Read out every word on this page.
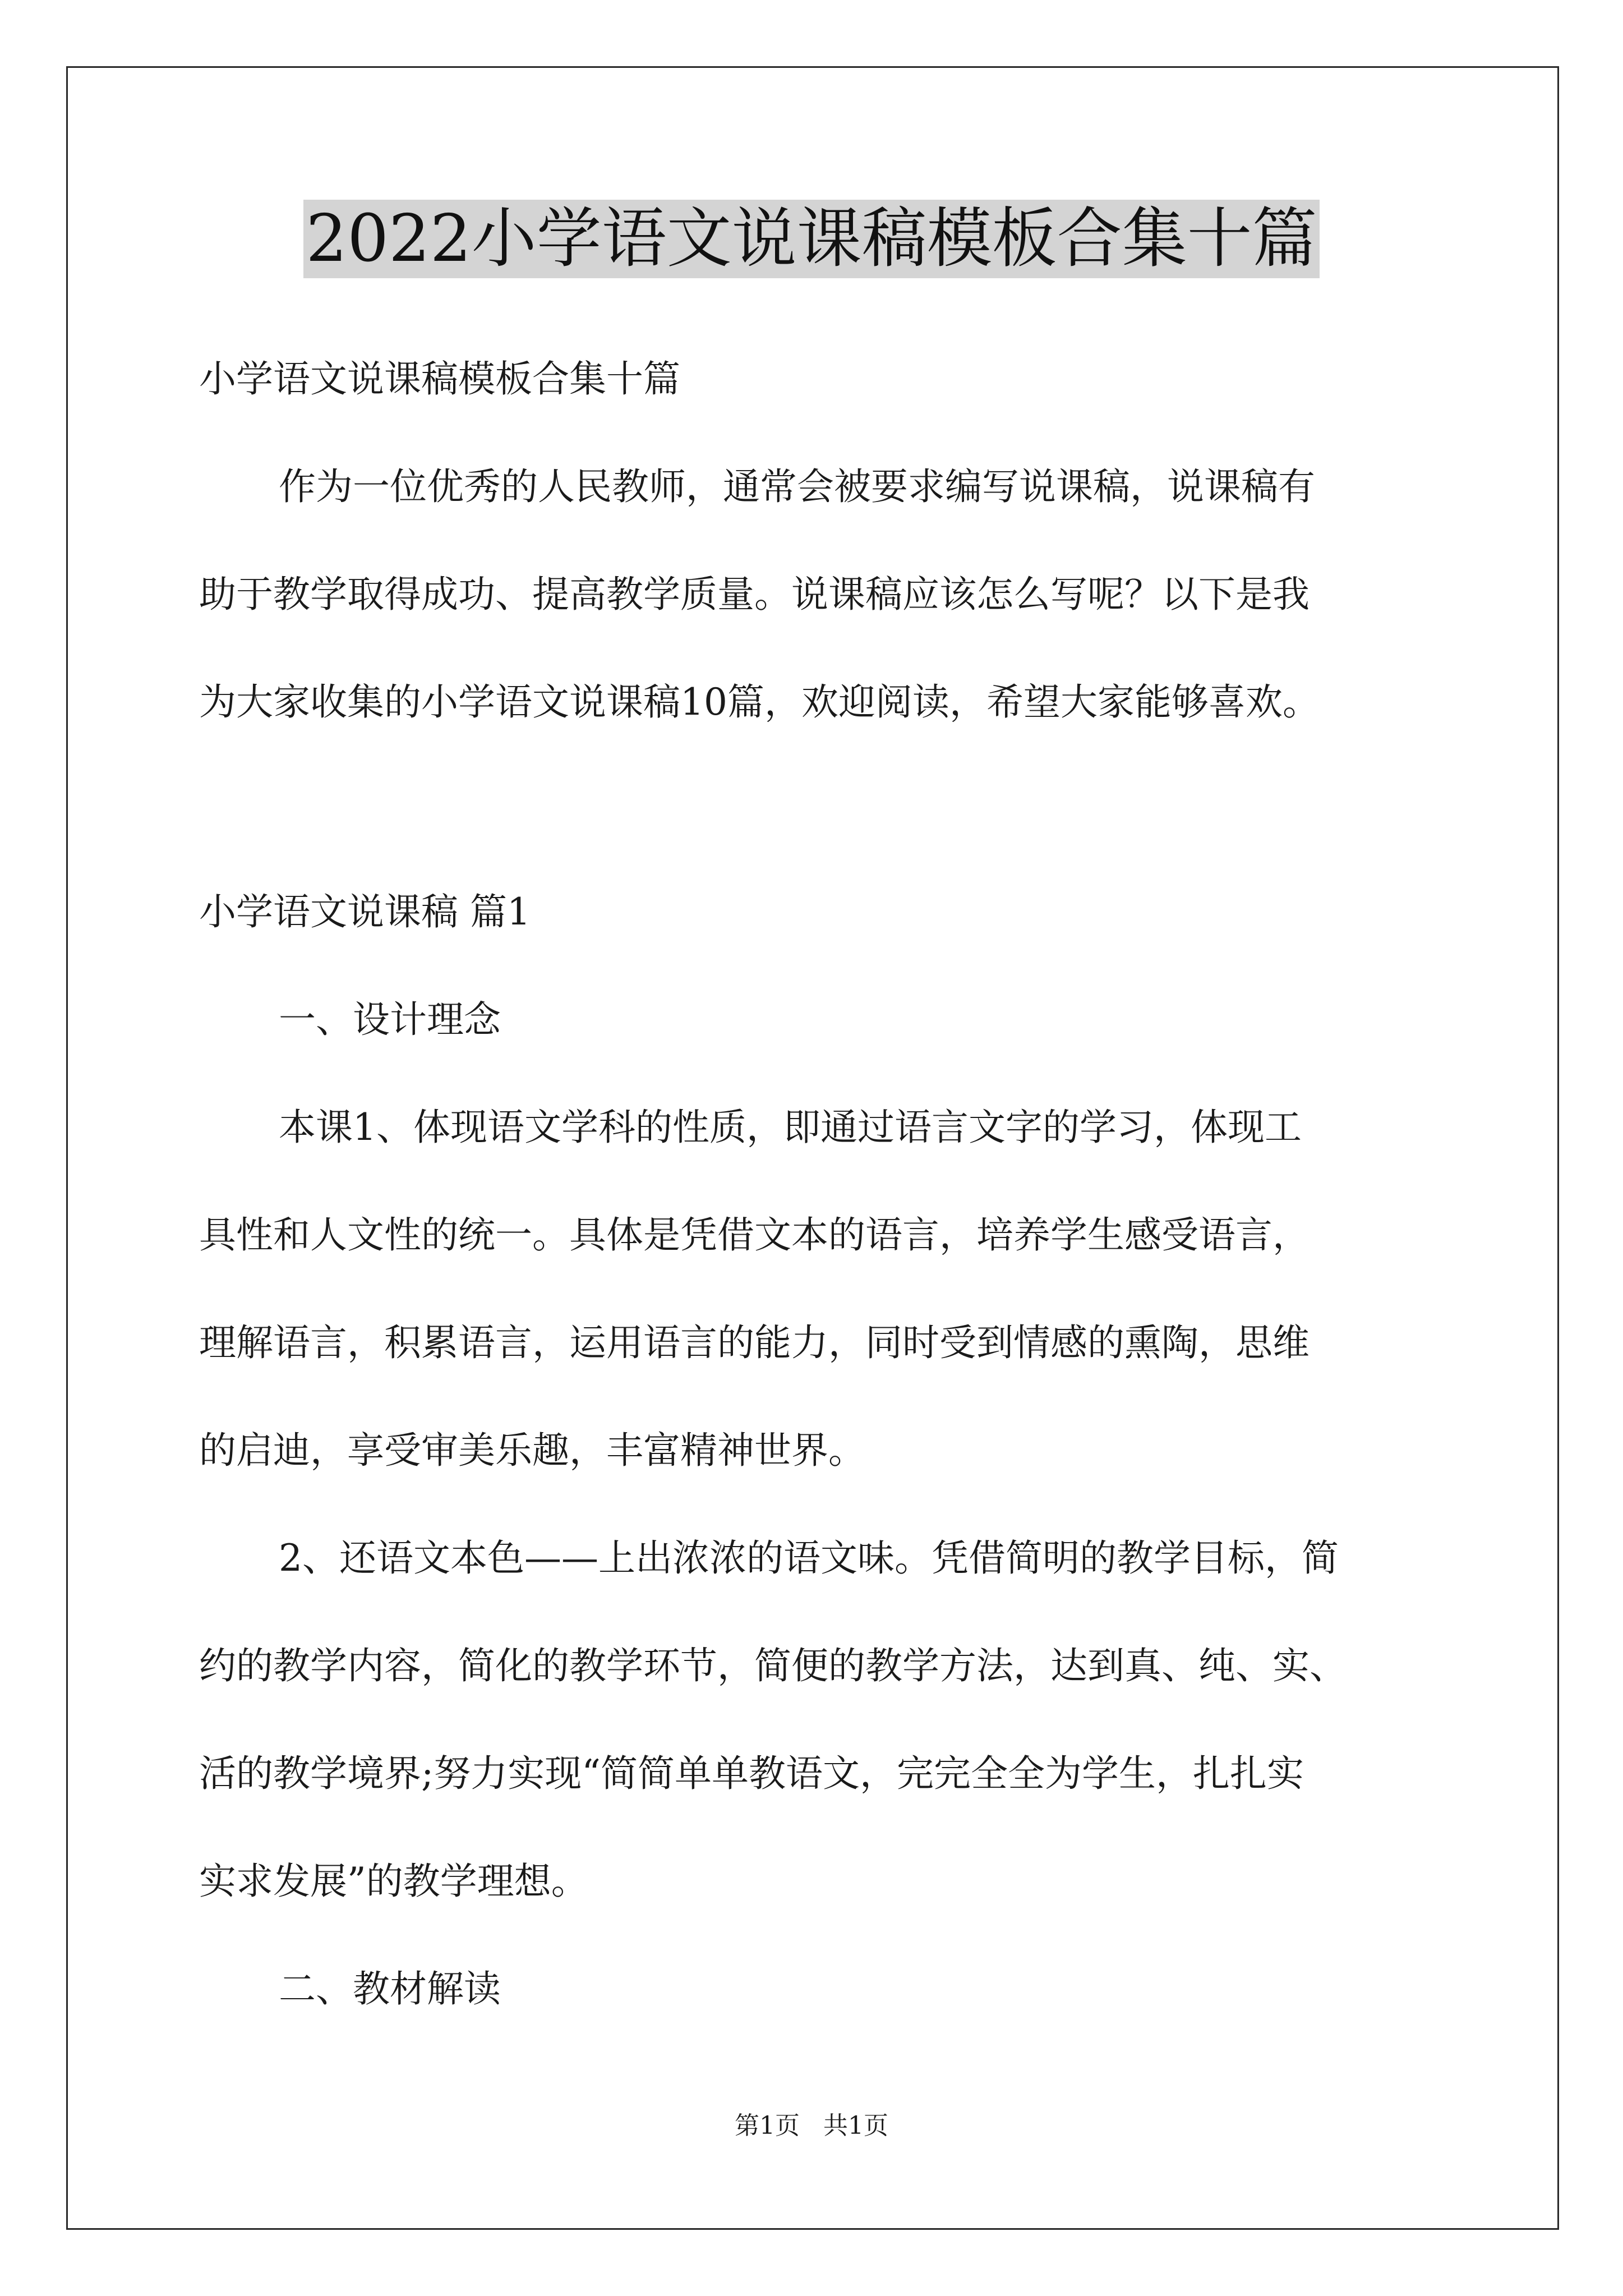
2022小学语文说课稿模板合集十篇
小学语文说课稿模板合集十篇
作为一位优秀的人民教师，通常会被要求编写说课稿，说课稿有
助于教学取得成功、提高教学质量。说课稿应该怎么写呢？以下是我
为大家收集的小学语文说课稿10篇，欢迎阅读，希望大家能够喜欢。
小学语文说课稿 篇1
一、设计理念
本课1、体现语文学科的性质，即通过语言文字的学习，体现工
具性和人文性的统一。具体是凭借文本的语言，培养学生感受语言，
理解语言，积累语言，运用语言的能力，同时受到情感的熏陶，思维
的启迪，享受审美乐趣，丰富精神世界。
2、还语文本色——上出浓浓的语文味。凭借简明的教学目标，简
约的教学内容，简化的教学环节，简便的教学方法，达到真、纯、实、
活的教学境界;努力实现“简简单单教语文，完完全全为学生，扎扎实
实求发展”的教学理想。
二、教材解读
第1页   共1页
